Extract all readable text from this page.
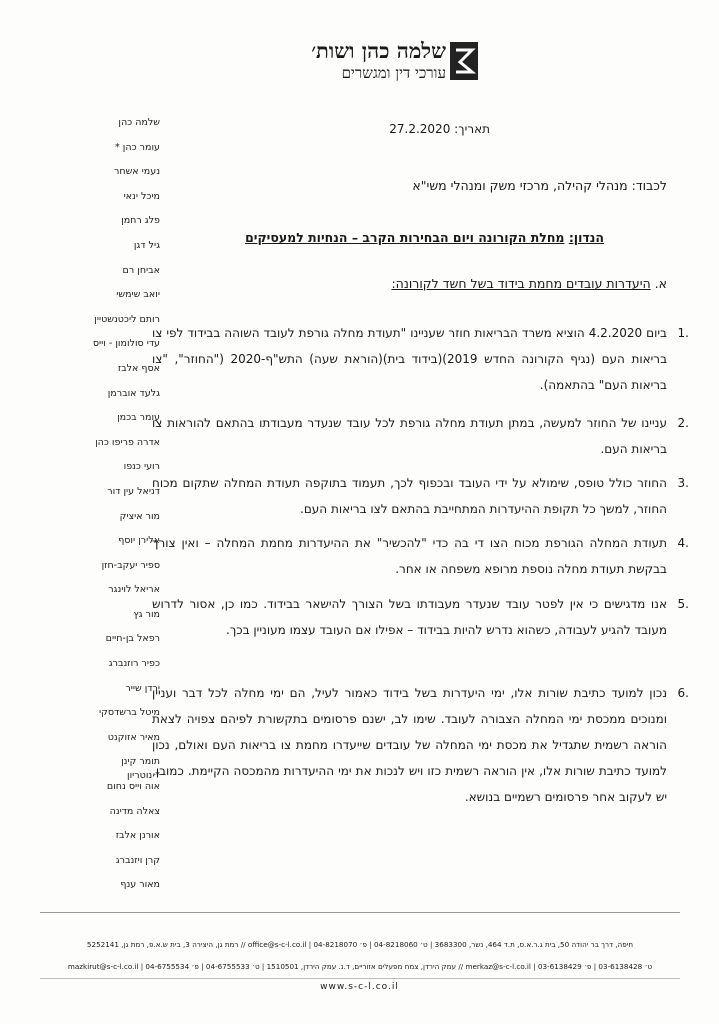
שלמה כהן ושות׳
עורכי דין ומגשרים
תאריך: 27.2.2020
שלמה כהן
עומר כהן *
נעמי אשחר
מיכל ינאי
פלג רחמן
גיל דגן
אביחן רם
יואב שימשי
רותם ליכטנשטיין
עדי סולומון - וייס
אסף אלבז
גלעד אוברמן
עומר בכמן
אדרה פריפו כהן
רועי כנפו
דניאל עין דור
מור איציק
אלירן יוסף
ספיר יעקב-חזן
אריאל לוינגר
מור גץ
רפאל בן-חיים
כפיר רוזנברג
ירדן שייר
מיטל ברשדסקי
מאיר אזוקנט
תומר קינן
אוה וייס נחום
צאלה מדינה
אורנן אלבז
קרן ויזנברג
מאור ענף
* נוטריון
לכבוד: מנהלי קהילה, מרכזי משק ומנהלי משי"א
הנדון: מחלת הקורונה ויום הבחירות הקרב – הנחיות למעסיקים
א. היעדרות עובדים מחמת בידוד בשל חשד לקורונה:
.1
ביום 4.2.2020 הוציא משרד הבריאות חוזר שעניינו "תעודת מחלה גורפת לעובד השוהה בבידוד לפי צו בריאות העם (נגיף הקורונה החדש 2019)(בידוד בית)(הוראת שעה) התש"ף-2020 ("החוזר", "צו בריאות העם" בהתאמה).
.2
עניינו של החוזר למעשה, במתן תעודת מחלה גורפת לכל עובד שנעדר מעבודתו בהתאם להוראות צו בריאות העם.
.3
החוזר כולל טופס, שימולא על ידי העובד ובכפוף לכך, תעמוד בתוקפה תעודת המחלה שתקום מכוח החוזר, למשך כל תקופת ההיעדרות המתחייבת בהתאם לצו בריאות העם.
.4
תעודת המחלה הגורפת מכוח הצו די בה כדי "להכשיר" את ההיעדרות מחמת המחלה – ואין צורך בבקשת תעודת מחלה נוספת מרופא משפחה או אחר.
.5
אנו מדגישים כי אין לפטר עובד שנעדר מעבודתו בשל הצורך להישאר בבידוד. כמו כן, אסור לדרוש מעובד להגיע לעבודה, כשהוא נדרש להיות בבידוד – אפילו אם העובד עצמו מעוניין בכך.
.6
נכון למועד כתיבת שורות אלו, ימי היעדרות בשל בידוד כאמור לעיל, הם ימי מחלה לכל דבר ועניין ומנוכים ממכסת ימי המחלה הצבורה לעובד. שימו לב, ישנם פרסומים בתקשורת לפיהם צפויה לצאת הוראה רשמית שתגדיל את מכסת ימי המחלה של עובדים שייעדרו מחמת צו בריאות העם ואולם, נכון למועד כתיבת שורות אלו, אין הוראה רשמית כזו ויש לנכות את ימי ההיעדרות מהמכסה הקיימת. כמובן, יש לעקוב אחר פרסומים רשמיים בנושא.
חיפה, דרך בר יהודה 50, בית ג.ר.א.ס, ת.ד 464, נשר, 3683300 | ט׳ 04-8218060 | פ׳ 04-8218070 | office@s-c-l.co.il // רמת גן, היצירה 3, בית ש.א.פ, רמת גן, 5252141
ט׳ 03-6138428 | פ׳ 03-6138429 | merkaz@s-c-l.co.il // עמק הירדן, צמח מפעלים אזוריים, ד.נ. עמק הירדן, 1510501 | ט׳ 04-6755533 | פ׳ 04-6755534 | mazkirut@s-c-l.co.il
www.s-c-l.co.il
